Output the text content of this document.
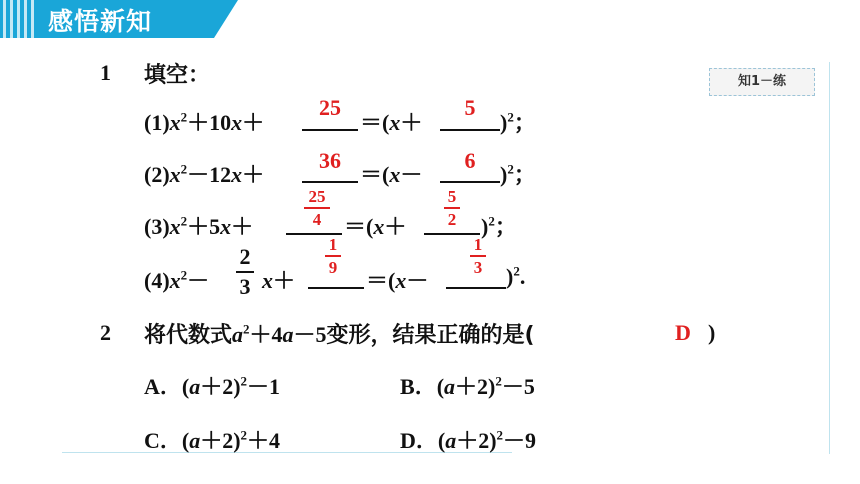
感悟新知
知1－练
1 填空：
$(1)x^2+10x+$
25
＝(x＋
5
)$^2$；
$(2)x^2-12x+$
36
＝(x－
6
)$^2$；
$(3)x^2+5x+$
25
4	＝(x＋
5
2 )$^2$；
$(4)x^2-$
2
3 x＋
1
9
＝(x－
1
3 )$^2$.
2 将代数式$a^2+4a-5$变形，结果正确的是(	D )
A．$(a+2)^2-1$	B．$(a+2)^2-5$
C．$(a+2)^2+4$	D．$(a+2)^2-9$
